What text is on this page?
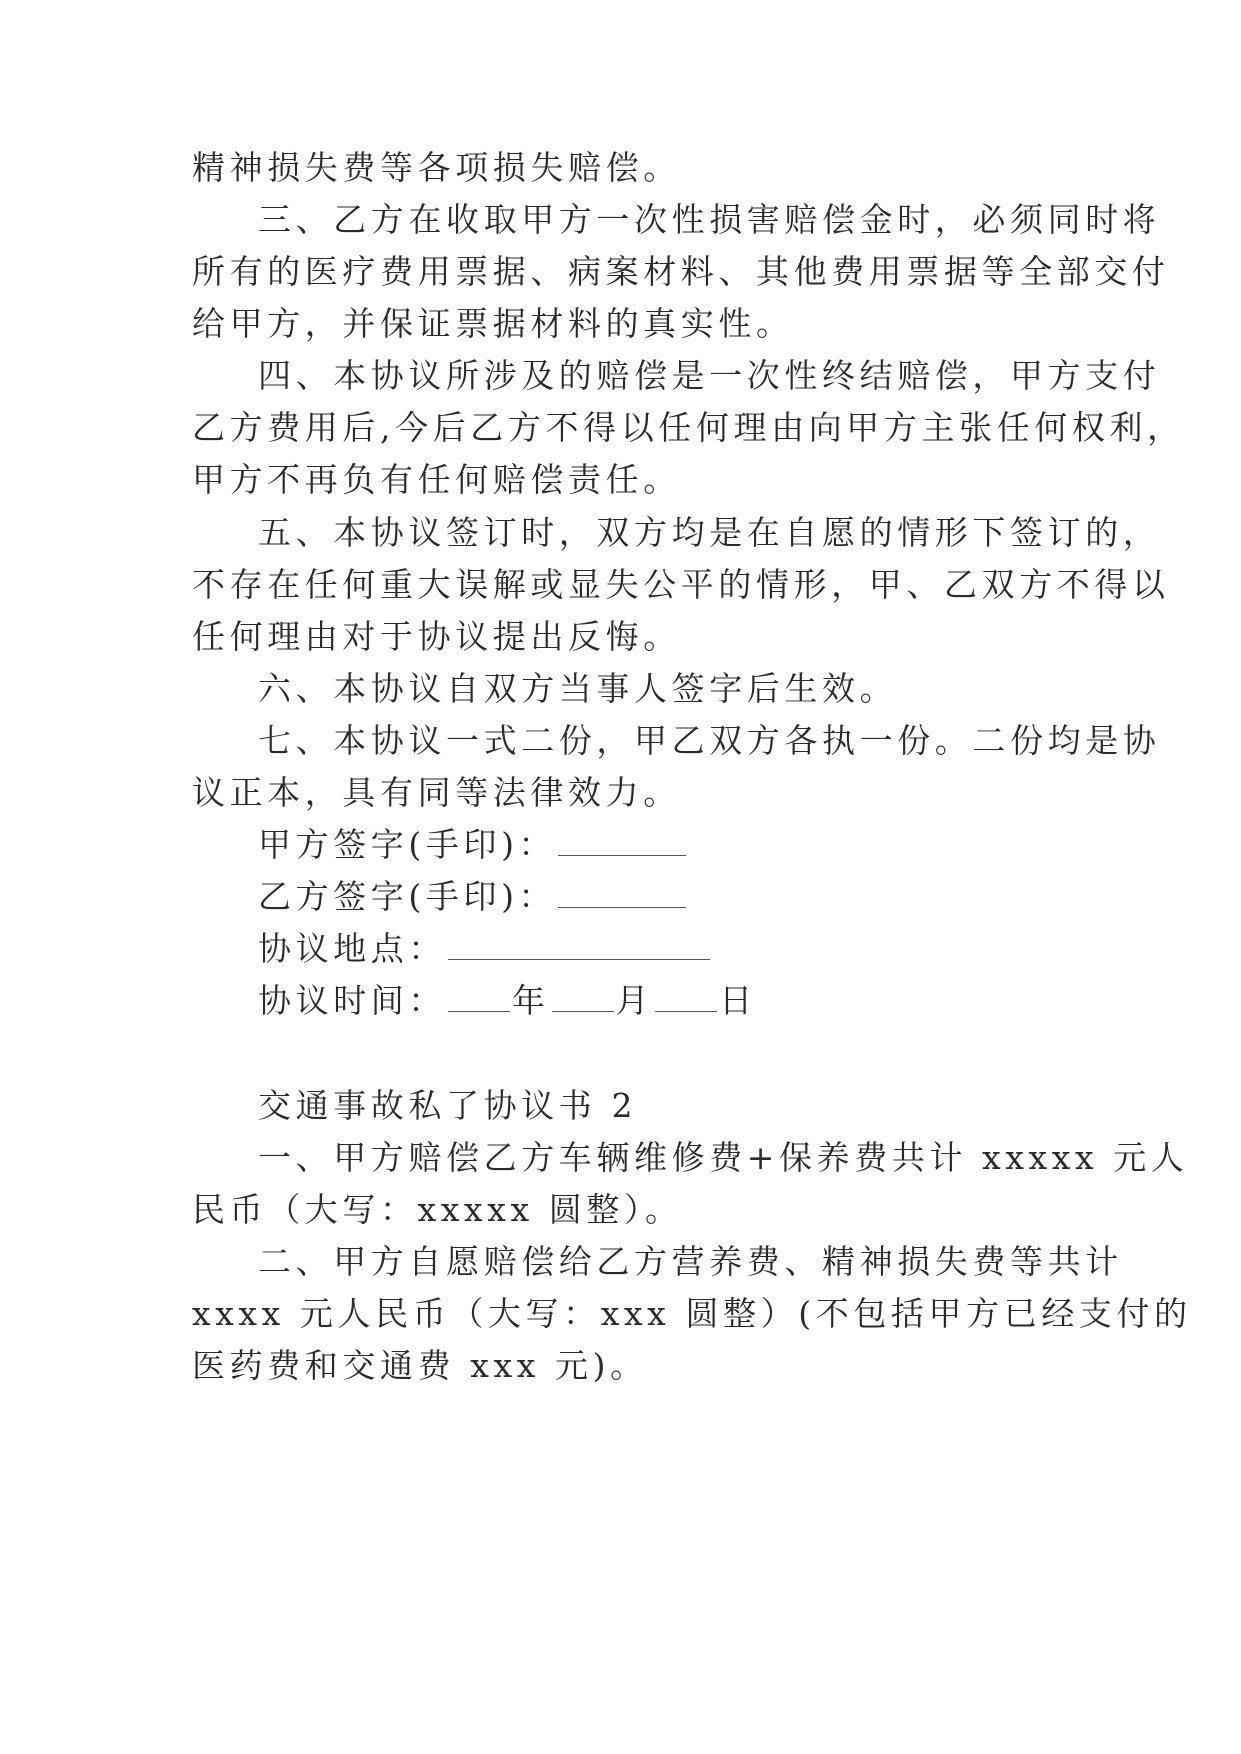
精神损失费等各项损失赔偿。
三、乙方在收取甲方一次性损害赔偿金时，必须同时将
所有的医疗费用票据、病案材料、其他费用票据等全部交付
给甲方，并保证票据材料的真实性。
四、本协议所涉及的赔偿是一次性终结赔偿，甲方支付
乙方费用后,今后乙方不得以任何理由向甲方主张任何权利，
甲方不再负有任何赔偿责任。
五、本协议签订时，双方均是在自愿的情形下签订的，
不存在任何重大误解或显失公平的情形，甲、乙双方不得以
任何理由对于协议提出反悔。
六、本协议自双方当事人签字后生效。
七、本协议一式二份，甲乙双方各执一份。二份均是协
议正本，具有同等法律效力。
甲方签字(手印)：
乙方签字(手印)：
协议地点：
协议时间： 年 月 日
交通事故私了协议书 2
一、甲方赔偿乙方车辆维修费+保养费共计 xxxxx 元人
民币（大写：xxxxx 圆整）。
二、甲方自愿赔偿给乙方营养费、精神损失费等共计
xxxx 元人民币（大写：xxx 圆整）(不包括甲方已经支付的
医药费和交通费 xxx 元)。
